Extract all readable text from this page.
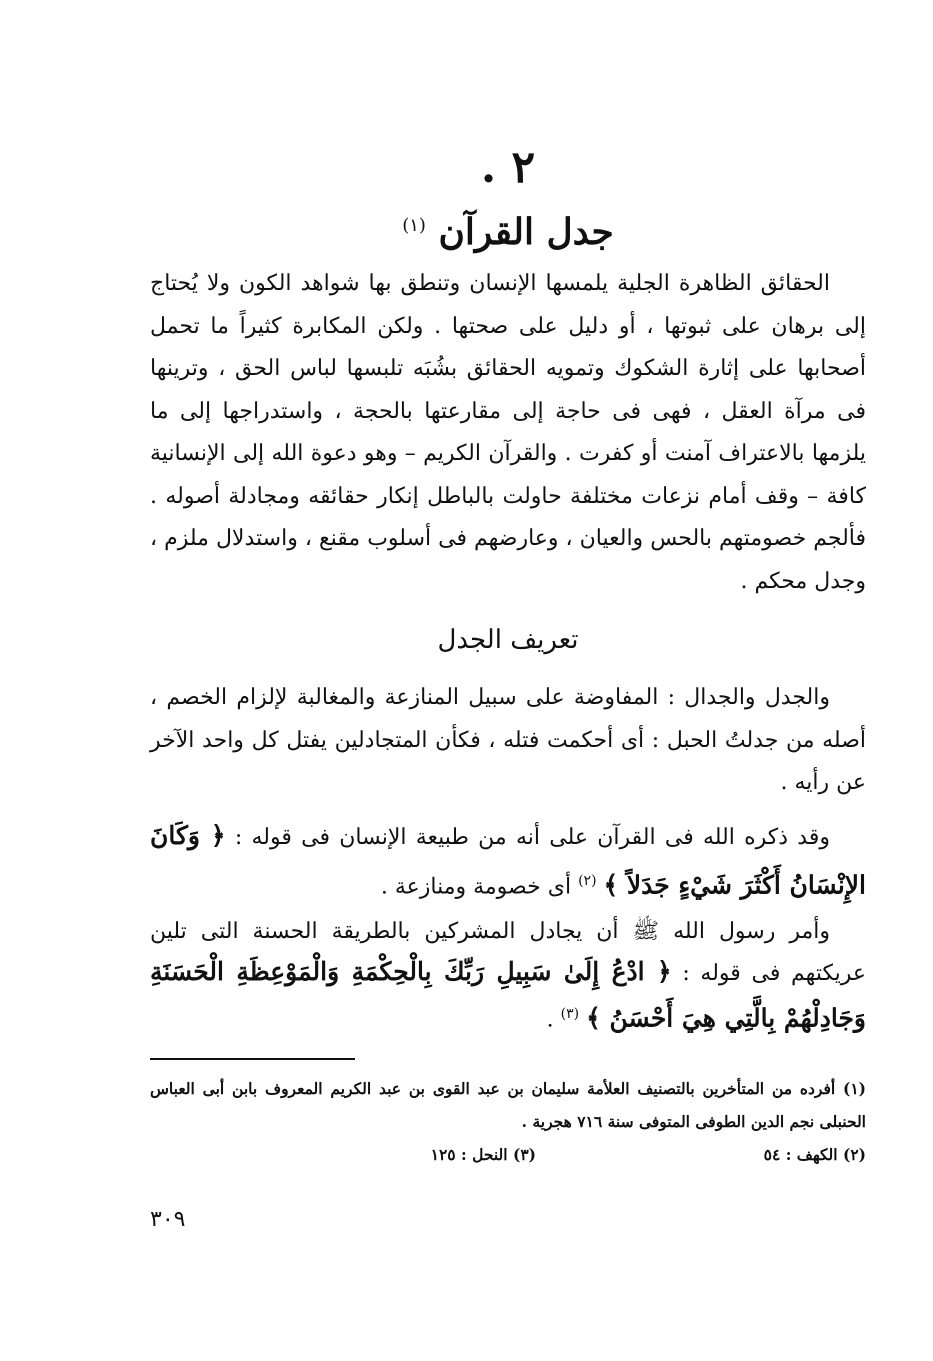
٢ .
جدل القرآن $^{(١)}$

الحقائق الظاهرة الجلية يلمسها الإنسان وتنطق بها شواهد الكون ولا يُحتاج إلى برهان على ثبوتها ، أو دليل على صحتها . ولكن المكابرة كثيراً ما تحمل أصحابها على إثارة الشكوك وتمويه الحقائق بشُبَه تلبسها لباس الحق ، وترينها فى مرآة العقل ، فهى فى حاجة إلى مقارعتها بالحجة ، واستدراجها إلى ما يلزمها بالاعتراف آمنت أو كفرت . والقرآن الكريم – وهو دعوة الله إلى الإنسانية كافة – وقف أمام نزعات مختلفة حاولت بالباطل إنكار حقائقه ومجادلة أصوله . فألجم خصومتهم بالحس والعيان ، وعارضهم فى أسلوب مقنع ، واستدلال ملزم ، وجدل محكم .

تعريف الجدل

والجدل والجدال : المفاوضة على سبيل المنازعة والمغالبة لإلزام الخصم ، أصله من جدلتُ الحبل : أى أحكمت فتله ، فكأن المتجادلين يفتل كل واحد الآخر عن رأيه .

وقد ذكره الله فى القرآن على أنه من طبيعة الإنسان فى قوله : ﴿ وَكَانَ الإِنْسَانُ أَكْثَرَ شَيْءٍ جَدَلاً ﴾ $^{(٢)}$ أى خصومة ومنازعة .

وأمر رسول الله ﷺ أن يجادل المشركين بالطريقة الحسنة التى تلين عريكتهم فى قوله : ﴿ ادْعُ إِلَىٰ سَبِيلِ رَبِّكَ بِالْحِكْمَةِ وَالْمَوْعِظَةِ الْحَسَنَةِ وَجَادِلْهُمْ بِالَّتِي هِيَ أَحْسَنُ ﴾ $^{(٣)}$ .

(١) أفرده من المتأخرين بالتصنيف العلأمة سليمان بن عبد القوى بن عبد الكريم المعروف بابن أبى العباس الحنبلى نجم الدين الطوفى المتوفى سنة ٧١٦ هجرية .

(٢) الكهف : ٥٤
(٣) النحل : ١٢٥
٣٠٩
